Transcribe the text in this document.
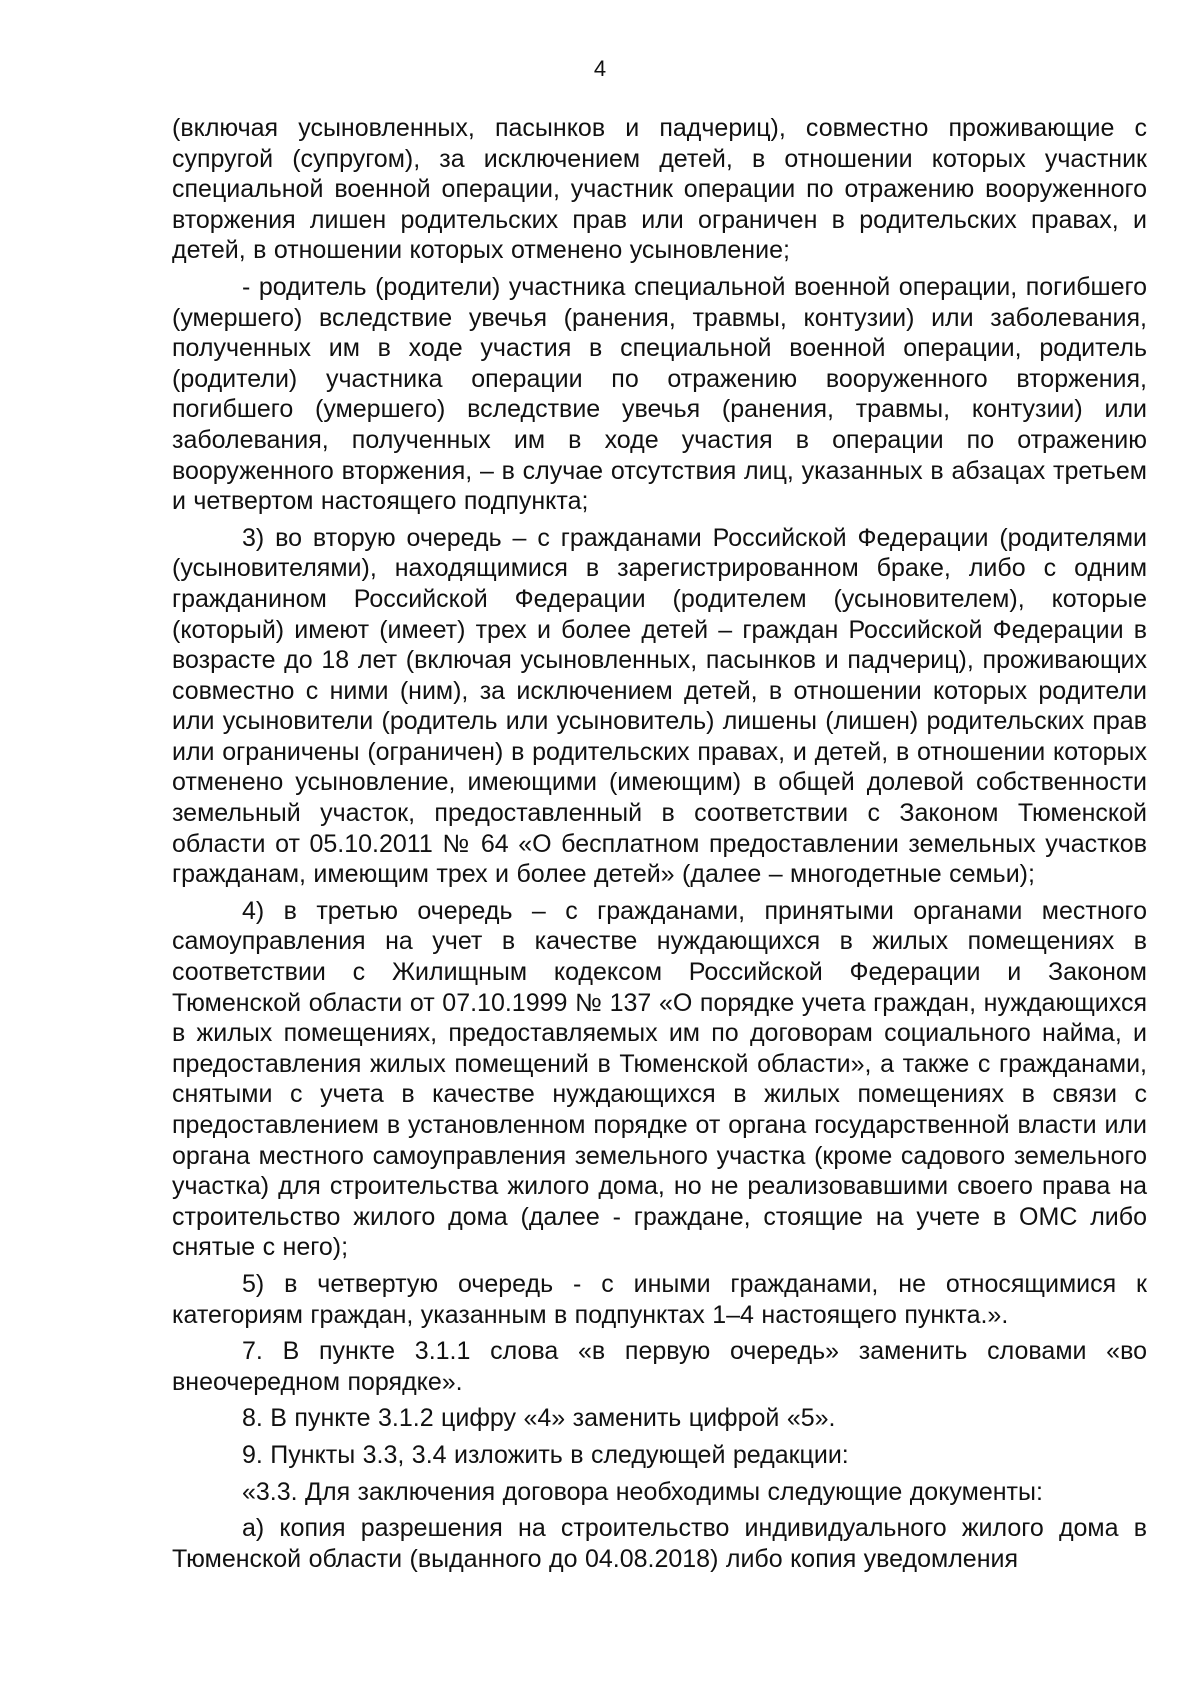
4

(включая усыновленных, пасынков и падчериц), совместно проживающие с супругой (супругом), за исключением детей, в отношении которых участник специальной военной операции, участник операции по отражению вооруженного вторжения лишен родительских прав или ограничен в родительских правах, и детей, в отношении которых отменено усыновление;

- родитель (родители) участника специальной военной операции, погибшего (умершего) вследствие увечья (ранения, травмы, контузии) или заболевания, полученных им в ходе участия в специальной военной операции, родитель (родители) участника операции по отражению вооруженного вторжения, погибшего (умершего) вследствие увечья (ранения, травмы, контузии) или заболевания, полученных им в ходе участия в операции по отражению вооруженного вторжения, – в случае отсутствия лиц, указанных в абзацах третьем и четвертом настоящего подпункта;

3) во вторую очередь – с гражданами Российской Федерации (родителями (усыновителями), находящимися в зарегистрированном браке, либо с одним гражданином Российской Федерации (родителем (усыновителем), которые (который) имеют (имеет) трех и более детей – граждан Российской Федерации в возрасте до 18 лет (включая усыновленных, пасынков и падчериц), проживающих совместно с ними (ним), за исключением детей, в отношении которых родители или усыновители (родитель или усыновитель) лишены (лишен) родительских прав или ограничены (ограничен) в родительских правах, и детей, в отношении которых отменено усыновление, имеющими (имеющим) в общей долевой собственности земельный участок, предоставленный в соответствии с Законом Тюменской области от 05.10.2011 № 64 «О бесплатном предоставлении земельных участков гражданам, имеющим трех и более детей» (далее – многодетные семьи);

4) в третью очередь – с гражданами, принятыми органами местного самоуправления на учет в качестве нуждающихся в жилых помещениях в соответствии с Жилищным кодексом Российской Федерации и Законом Тюменской области от 07.10.1999 № 137 «О порядке учета граждан, нуждающихся в жилых помещениях, предоставляемых им по договорам социального найма, и предоставления жилых помещений в Тюменской области», а также с гражданами, снятыми с учета в качестве нуждающихся в жилых помещениях в связи с предоставлением в установленном порядке от органа государственной власти или органа местного самоуправления земельного участка (кроме садового земельного участка) для строительства жилого дома, но не реализовавшими своего права на строительство жилого дома (далее - граждане, стоящие на учете в ОМС либо снятые с него);

5) в четвертую очередь - с иными гражданами, не относящимися к категориям граждан, указанным в подпунктах 1–4 настоящего пункта.».

7. В пункте 3.1.1 слова «в первую очередь» заменить словами «во внеочередном порядке».

8. В пункте 3.1.2 цифру «4» заменить цифрой «5».

9. Пункты 3.3, 3.4 изложить в следующей редакции:

«3.3. Для заключения договора необходимы следующие документы:

а) копия разрешения на строительство индивидуального жилого дома в Тюменской области (выданного до 04.08.2018) либо копия уведомления
